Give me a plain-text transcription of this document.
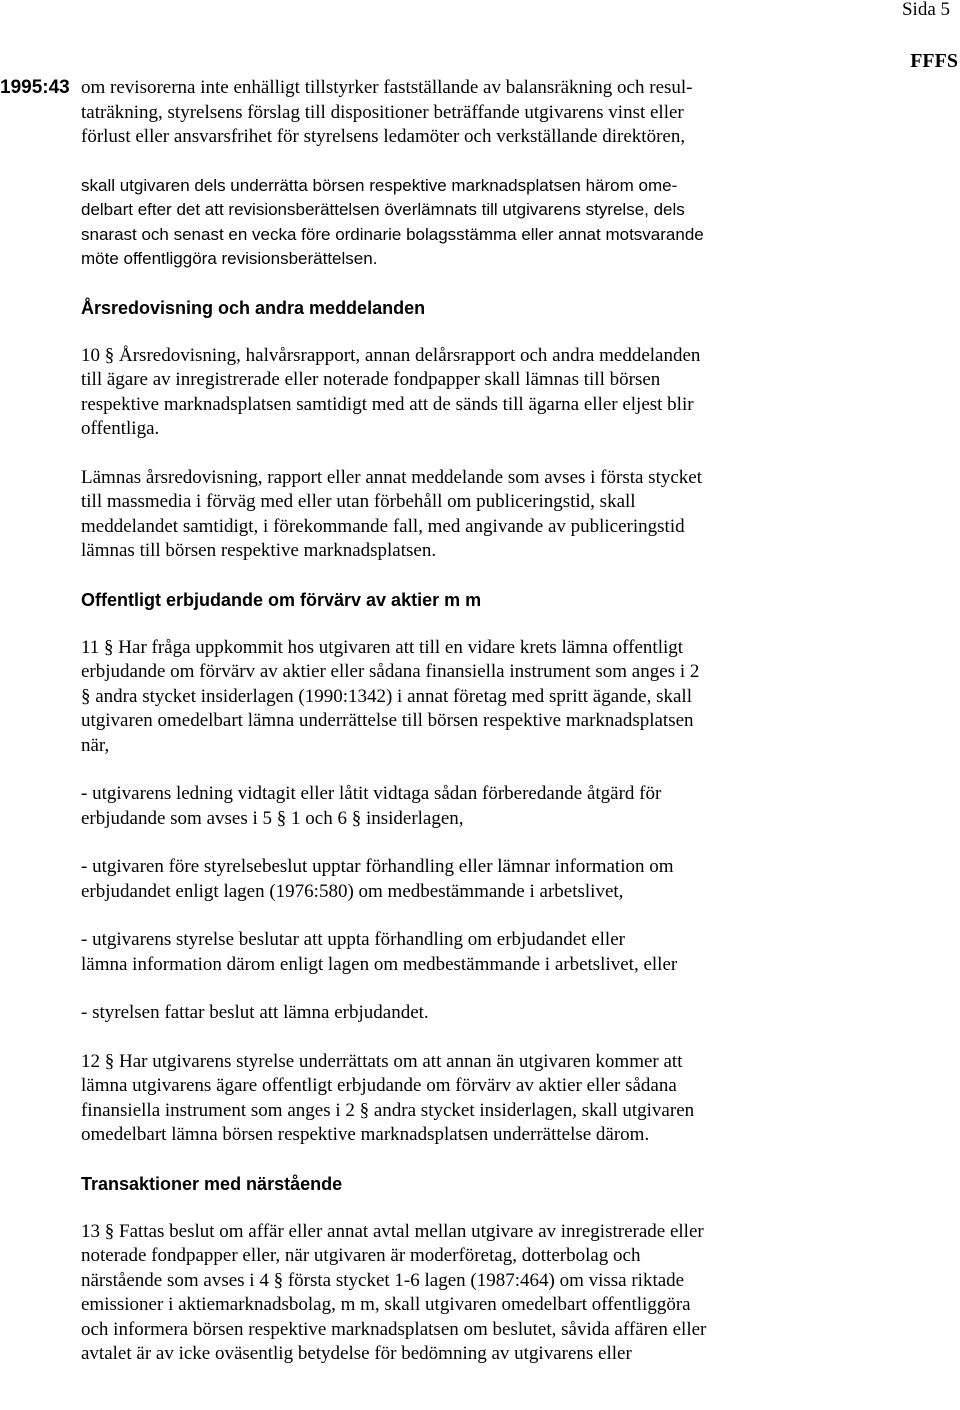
Sida 5
1995:43
FFFS

om revisorerna inte enhälligt tillstyrker fastställande av balansräkning och resul-

taträkning, styrelsens förslag till dispositioner beträffande utgivarens vinst eller

förlust eller ansvarsfrihet för styrelsens ledamöter och verkställande direktören,

skall utgivaren dels underrätta börsen respektive marknadsplatsen härom ome-

delbart efter det att revisionsberättelsen överlämnats till utgivarens styrelse, dels

snarast och senast en vecka före ordinarie bolagsstämma eller annat motsvarande

möte offentliggöra revisionsberättelsen.

Årsredovisning och andra meddelanden

10 § Årsredovisning, halvårsrapport, annan delårsrapport och andra meddelanden

till ägare av inregistrerade eller noterade fondpapper skall lämnas till börsen

respektive marknadsplatsen samtidigt med att de sänds till ägarna eller eljest blir

offentliga.

Lämnas årsredovisning, rapport eller annat meddelande som avses i första stycket

till massmedia i förväg med eller utan förbehåll om publiceringstid, skall

meddelandet samtidigt, i förekommande fall, med angivande av publiceringstid

lämnas till börsen respektive marknadsplatsen.

Offentligt erbjudande om förvärv av aktier m m

11 § Har fråga uppkommit hos utgivaren att till en vidare krets lämna offentligt

erbjudande om förvärv av aktier eller sådana finansiella instrument som anges i 2

§ andra stycket insiderlagen (1990:1342) i annat företag med spritt ägande, skall

utgivaren omedelbart lämna underrättelse till börsen respektive marknadsplatsen

när,

- utgivarens ledning vidtagit eller låtit vidtaga sådan förberedande åtgärd för

erbjudande som avses i 5 § 1 och 6 § insiderlagen,

- utgivaren före styrelsebeslut upptar förhandling eller lämnar information om

erbjudandet enligt lagen (1976:580) om medbestämmande i arbetslivet,

- utgivarens styrelse beslutar att uppta förhandling om erbjudandet eller

lämna information därom enligt lagen om medbestämmande i arbetslivet, eller

- styrelsen fattar beslut att lämna erbjudandet.

12 § Har utgivarens styrelse underrättats om att annan än utgivaren kommer att

lämna utgivarens ägare offentligt erbjudande om förvärv av aktier eller sådana

finansiella instrument som anges i 2 § andra stycket insiderlagen, skall utgivaren

omedelbart lämna börsen respektive marknadsplatsen underrättelse därom.

Transaktioner med närstående

13 § Fattas beslut om affär eller annat avtal mellan utgivare av inregistrerade eller

noterade fondpapper eller, när utgivaren är moderföretag, dotterbolag och

närstående som avses i 4 § första stycket 1-6 lagen (1987:464) om vissa riktade

emissioner i aktiemarknadsbolag, m m, skall utgivaren omedelbart offentliggöra

och informera börsen respektive marknadsplatsen om beslutet, såvida affären eller

avtalet är av icke oväsentlig betydelse för bedömning av utgivarens eller
